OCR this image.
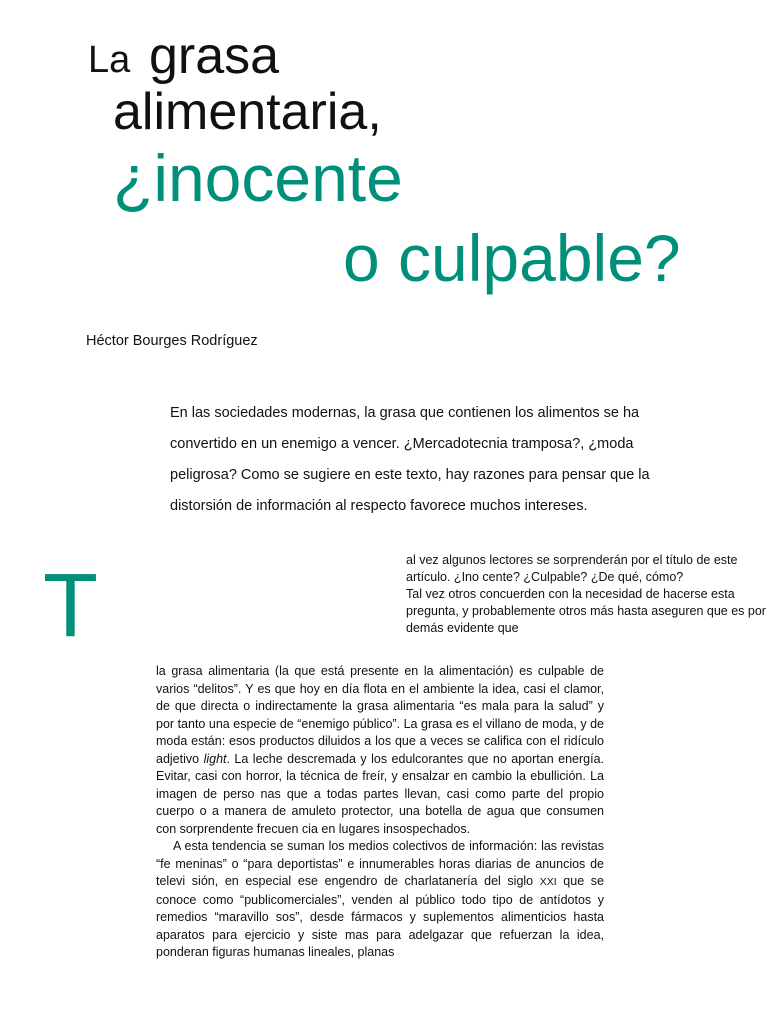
La grasa
alimentaria,
¿inocente
o culpable?
Héctor Bourges Rodríguez

En las sociedades modernas, la grasa que contienen los alimentos se ha convertido en un enemigo a vencer. ¿Mercadotecnia tramposa?, ¿moda peligrosa? Como se sugiere en este texto, hay razones para pensar que la distorsión de información al respecto favorece muchos intereses.

T	al vez algunos lectores se sorprenderán por el título de este artículo. ¿Ino cente? ¿Culpable? ¿De qué, cómo?

Tal vez otros concuerden con la necesidad de hacerse esta pregunta, y probablemente otros más hasta aseguren que es por demás evidente que

la grasa alimentaria (la que está presente en la alimentación) es culpable de varios “delitos”. Y es que hoy en día flota en el ambiente la idea, casi el clamor, de que directa o indirectamente la grasa alimentaria “es mala para la salud” y por tanto una especie de “enemigo público”. La grasa es el villano de moda, y de moda están: esos productos diluidos a los que a veces se califica con el ridículo adjetivo light. La leche descremada y los edulcorantes que no aportan energía. Evitar, casi con horror, la técnica de freír, y ensalzar en cambio la ebullición. La imagen de perso nas que a todas partes llevan, casi como parte del propio cuerpo o a manera de amuleto protector, una botella de agua que consumen con sorprendente frecuen cia en lugares insospechados.

A esta tendencia se suman los medios colectivos de información: las revistas “fe meninas” o “para deportistas” e innumerables horas diarias de anuncios de televi sión, en especial ese engendro de charlatanería del siglo XXI que se conoce como “publicomerciales”, venden al público todo tipo de antídotos y remedios “maravillo sos”, desde fármacos y suplementos alimenticios hasta aparatos para ejercicio y siste mas para adelgazar que refuerzan la idea, ponderan figuras humanas lineales, planas
